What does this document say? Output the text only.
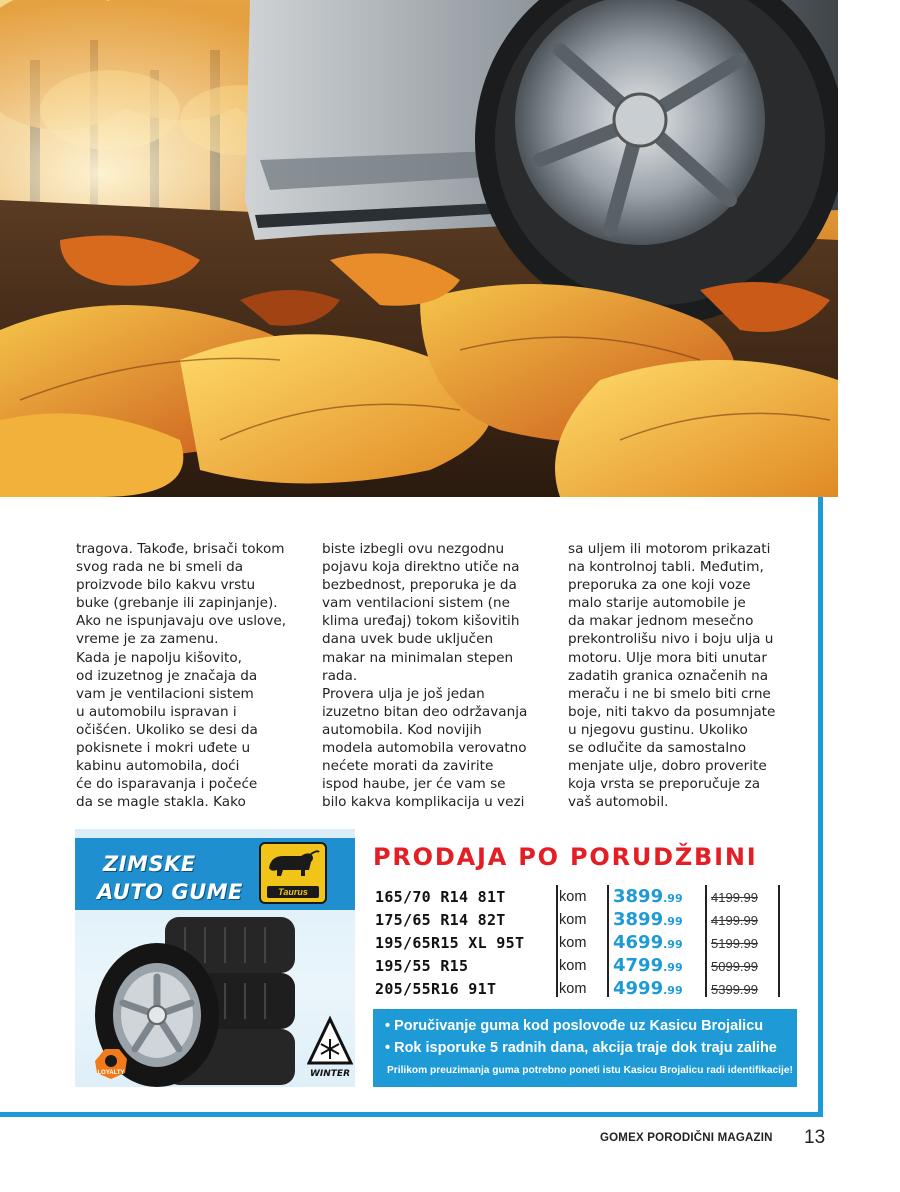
tragova. Takođe, brisači tokom
svog rada ne bi smeli da
proizvode bilo kakvu vrstu
buke (grebanje ili zapinjanje).
Ako ne ispunjavaju ove uslove,
vreme je za zamenu.
Kada je napolju kišovito,
od izuzetnog je značaja da
vam je ventilacioni sistem
u automobilu ispravan i
očišćen. Ukoliko se desi da
pokisnete i mokri uđete u
kabinu automobila, doći
će do isparavanja i počeće
da se magle stakla. Kako

biste izbegli ovu nezgodnu
pojavu koja direktno utiče na
bezbednost, preporuka je da
vam ventilacioni sistem (ne
klima uređaj) tokom kišovitih
dana uvek bude uključen
makar na minimalan stepen
rada.
Provera ulja je još jedan
izuzetno bitan deo održavanja
automobila. Kod novijih
modela automobila verovatno
nećete morati da zavirite
ispod haube, jer će vam se
bilo kakva komplikacija u vezi

sa uljem ili motorom prikazati
na kontrolnoj tabli. Međutim,
preporuka za one koji voze
malo starije automobile je
da makar jednom mesečno
prekontrolišu nivo i boju ulja u
motoru. Ulje mora biti unutar
zadatih granica označenih na
meraču i ne bi smelo biti crne
boje, niti takvo da posumnjate
u njegovu gustinu. Ukoliko
se odlučite da samostalno
menjate ulje, dobro proverite
koja vrsta se preporučuje za
vaš automobil.

ZIMSKE
AUTO GUME	Taurus
LOYALTY	WINTER
PRODAJA PO PORUDŽBINI
165/70 R14 81T	kom 3899.99 4199.99
175/65 R14 82T	kom 3899.99 4199.99
195/65R15 XL 95T kom 4699.99 5199.99
195/55 R15	kom 4799.99 5099.99
205/55R16 91T	kom 4999.99 5399.99
• Poručivanje guma kod poslovođe uz Kasicu Brojalicu
• Rok isporuke 5 radnih dana, akcija traje dok traju zalihe
Prilikom preuzimanja guma potrebno poneti istu Kasicu Brojalicu radi identifikacije!
GOMEX PORODIČNI MAGAZIN 13
